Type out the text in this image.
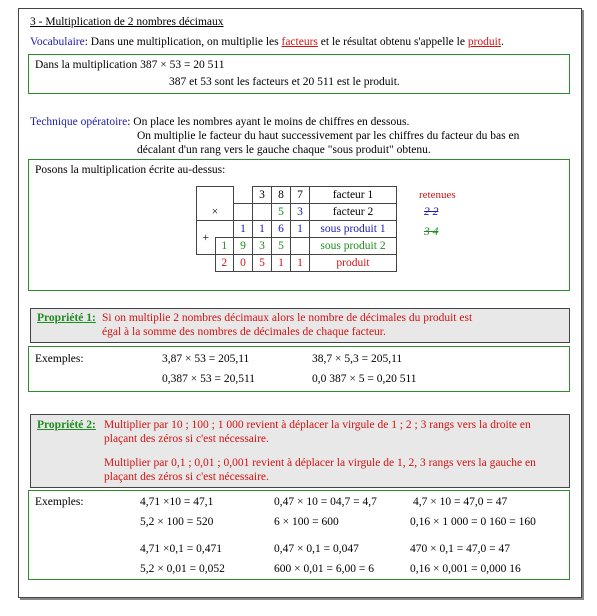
3 - Multiplication de 2 nombres décimaux
Vocabulaire: Dans une multiplication, on multiplie les facteurs et le résultat obtenu s'appelle le produit.
Dans la multiplication 387 × 53 = 20 511
387 et 53 sont les facteurs et 20 511 est le produit.
Technique opératoire: On place les nombres ayant le moins de chiffres en dessous.
On multiplie le facteur du haut successivement par les chiffres du facteur du bas en
décalant d'un rang vers le gauche chaque "sous produit" obtenu.
Posons la multiplication écrite au-dessus:
			3	8	7	facteur 1
×				5	3	facteur 2
+		1	1	6	1	sous produit 1
	1	9	3	5		sous produit 2
	2	0	5	1	1	produit
retenues
2 2
3 4
Propriété 1: Si on multiplie 2 nombres décimaux alors le nombre de décimales du produit est
égal à la somme des nombres de décimales de chaque facteur.
Exemples:	3,87 × 53 = 205,11	38,7 × 5,3 = 205,11
0,387 × 53 = 20,511	0,0 387 × 5 = 0,20 511
Propriété 2: Multiplier par 10 ; 100 ; 1 000 revient à déplacer la virgule de 1 ; 2 ; 3 rangs vers la droite en
plaçant des zéros si c'est nécessaire.
Multiplier par 0,1 ; 0,01 ; 0,001 revient à déplacer la virgule de 1, 2, 3 rangs vers la gauche en
plaçant des zéros si c'est nécessaire.
Exemples:	4,71 ×10 = 47,1	0,47 × 10 = 04,7 = 4,7	4,7 × 10 = 47,0 = 47
5,2 × 100 = 520	6 × 100 = 600	0,16 × 1 000 = 0 160 = 160
4,71 ×0,1 = 0,471	0,47 × 0,1 = 0,047	470 × 0,1 = 47,0 = 47
5,2 × 0,01 = 0,052	600 × 0,01 = 6,00 = 6	0,16 × 0,001 = 0,000 16
